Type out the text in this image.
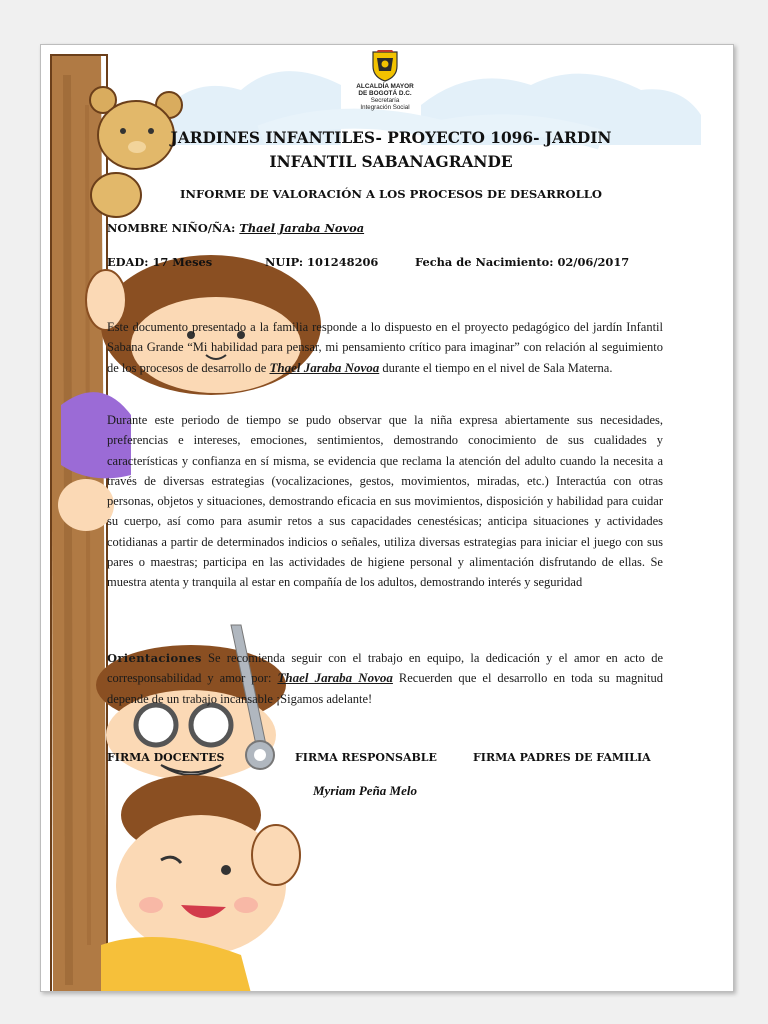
ALCALDÍA MAYOR
DE BOGOTÁ D.C.
Secretaría
Integración Social
JARDINES INFANTILES- PROYECTO 1096- JARDIN
INFANTIL SABANAGRANDE
INFORME DE VALORACIÓN A LOS PROCESOS DE DESARROLLO
NOMBRE NIÑO/ÑA: Thael Jaraba Novoa
EDAD: 17 Meses	NUIP: 101248206	Fecha de Nacimiento: 02/06/2017

Este documento presentado a la familia responde a lo dispuesto en el proyecto pedagógico del jardín Infantil Sabana Grande “Mi habilidad para pensar, mi pensamiento crítico para imaginar” con relación al seguimiento de los procesos de desarrollo de Thael Jaraba Novoa durante el tiempo en el nivel de Sala Materna.

Durante este periodo de tiempo se pudo observar que la niña expresa abiertamente sus necesidades, preferencias e intereses, emociones, sentimientos, demostrando conocimiento de sus cualidades y características y confianza en sí misma, se evidencia que reclama la atención del adulto cuando la necesita a través de diversas estrategias (vocalizaciones, gestos, movimientos, miradas, etc.) Interactúa con otras personas, objetos y situaciones, demostrando eficacia en sus movimientos, disposición y habilidad para cuidar su cuerpo, así como para asumir retos a sus capacidades cenestésicas; anticipa situaciones y actividades cotidianas a partir de determinados indicios o señales, utiliza diversas estrategias para iniciar el juego con sus pares o maestras; participa en las actividades de higiene personal y alimentación disfrutando de ellas. Se muestra atenta y tranquila al estar en compañía de los adultos, demostrando interés y seguridad

Orientaciones Se recomienda seguir con el trabajo en equipo, la dedicación y el amor en acto de corresponsabilidad y amor por: Thael Jaraba Novoa Recuerden que el desarrollo en toda su magnitud depende de un trabajo incansable ¡Sigamos adelante!

FIRMA DOCENTES	FIRMA RESPONSABLE	FIRMA PADRES DE FAMILIA
Myriam Peña Melo
